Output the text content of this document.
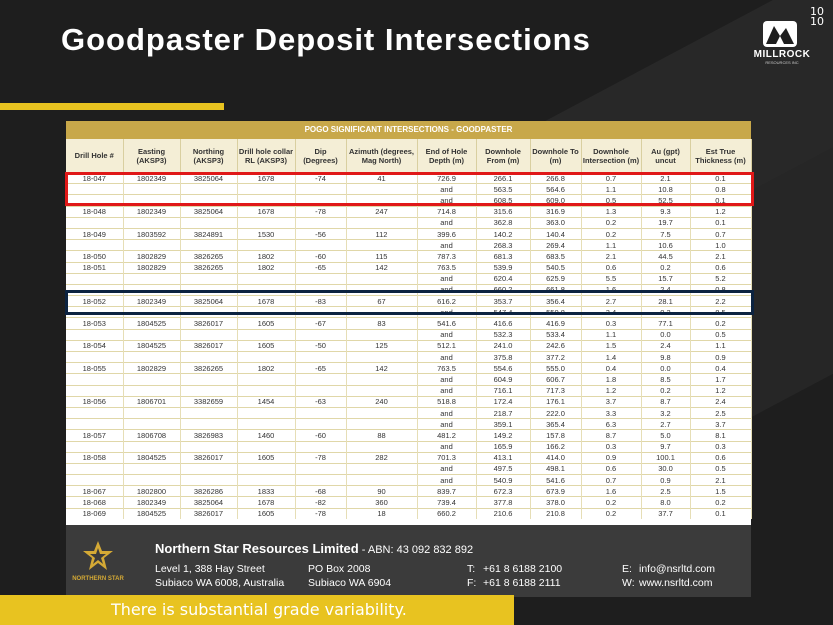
Goodpaster Deposit Intersections
10
10
MILLROCK
RESOURCES INC
POGO SIGNIFICANT INTERSECTIONS - GOODPASTER
Drill Hole #	Easting (AKSP3)	Northing (AKSP3)	Drill hole collar RL (AKSP3)	Dip (Degrees)	Azimuth (degrees, Mag North)	End of Hole Depth (m)	Downhole From (m)	Downhole To (m)	Downhole Intersection (m)	Au (gpt) uncut	Est True Thickness (m)
18-047	1802349	3825064	1678	-74	41	726.9	266.1	266.8	0.7	2.1	0.1
						and	563.5	564.6	1.1	10.8	0.8
						and	608.5	609.0	0.5	52.5	0.1
18-048	1802349	3825064	1678	-78	247	714.8	315.6	316.9	1.3	9.3	1.2
						and	362.8	363.0	0.2	19.7	0.1
18-049	1803592	3824891	1530	-56	112	399.6	140.2	140.4	0.2	7.5	0.7
						and	268.3	269.4	1.1	10.6	1.0
18-050	1802829	3826265	1802	-60	115	787.3	681.3	683.5	2.1	44.5	2.1
18-051	1802829	3826265	1802	-65	142	763.5	539.9	540.5	0.6	0.2	0.6
						and	620.4	625.9	5.5	15.7	5.2
						and	660.2	661.8	1.6	2.4	0.8
18-052	1802349	3825064	1678	-83	67	616.2	353.7	356.4	2.7	28.1	2.2
						and	547.4	550.8	3.4	0.2	8.5
18-053	1804525	3826017	1605	-67	83	541.6	416.6	416.9	0.3	77.1	0.2
						and	532.3	533.4	1.1	0.0	0.5
18-054	1804525	3826017	1605	-50	125	512.1	241.0	242.6	1.5	2.4	1.1
						and	375.8	377.2	1.4	9.8	0.9
18-055	1802829	3826265	1802	-65	142	763.5	554.6	555.0	0.4	0.0	0.4
						and	604.9	606.7	1.8	8.5	1.7
						and	716.1	717.3	1.2	0.2	1.2
18-056	1806701	3382659	1454	-63	240	518.8	172.4	176.1	3.7	8.7	2.4
						and	218.7	222.0	3.3	3.2	2.5
						and	359.1	365.4	6.3	2.7	3.7
18-057	1806708	3826983	1460	-60	88	481.2	149.2	157.8	8.7	5.0	8.1
						and	165.9	166.2	0.3	9.7	0.3
18-058	1804525	3826017	1605	-78	282	701.3	413.1	414.0	0.9	100.1	0.6
						and	497.5	498.1	0.6	30.0	0.5
						and	540.9	541.6	0.7	0.9	2.1
18-067	1802800	3826286	1833	-68	90	839.7	672.3	673.9	1.6	2.5	1.5
18-068	1802349	3825064	1678	-82	360	739.4	377.8	378.0	0.2	8.0	0.2
18-069	1804525	3826017	1605	-78	18	660.2	210.6	210.8	0.2	37.7	0.1
NORTHERN STAR
Northern Star Resources Limited - ABN: 43 092 832 892
Level 1, 388 Hay Street
Subiaco WA 6008, Australia
PO Box 2008
Subiaco WA 6904
T:
F:
+61 8 6188 2100
+61 8 6188 2111
E:
W:
info@nsrltd.com
www.nsrltd.com
There is substantial grade variability.
